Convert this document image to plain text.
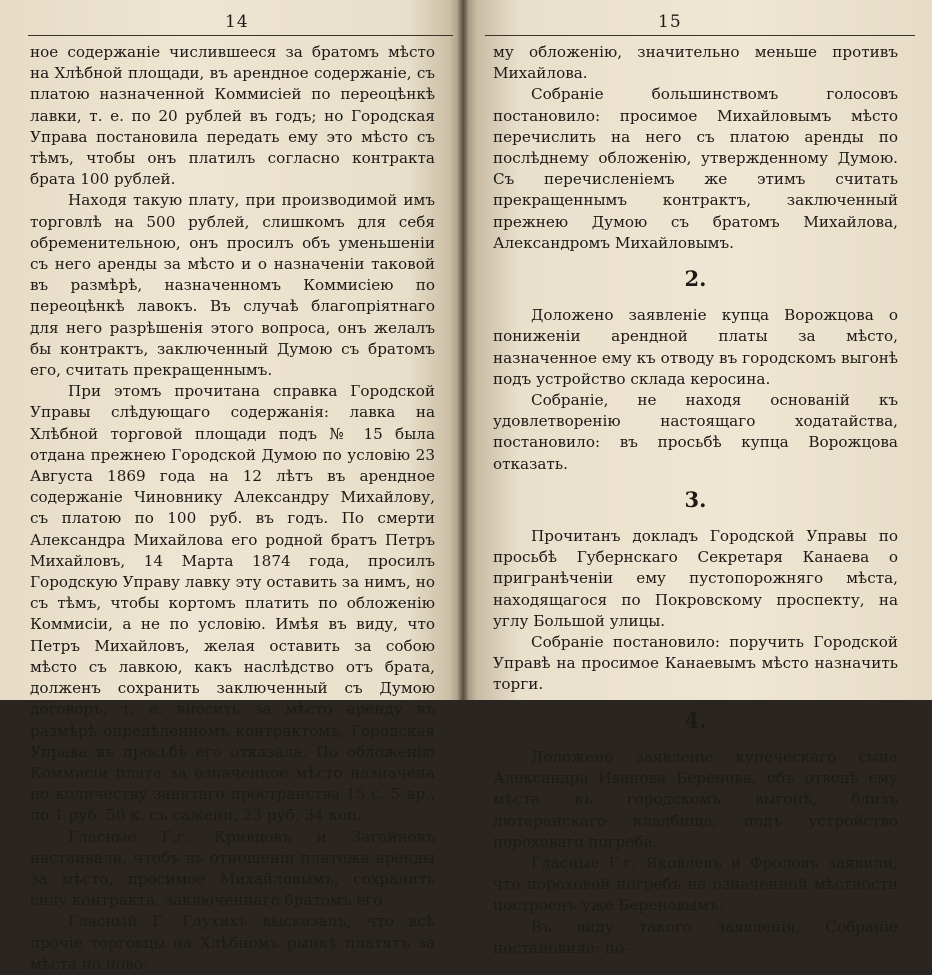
14

ное содержаніе числившееся за братомъ мѣсто на Хлѣбной площади, въ арендное содержаніе, съ платою назначенной Коммисіей по переоцѣнкѣ лавки, т. е. по 20 рублей въ годъ; но Городская Управа постановила передать ему это мѣсто съ тѣмъ, чтобы онъ платилъ согласно контракта брата 100 рублей.

Находя такую плату, при производимой имъ торговлѣ на 500 рублей, слишкомъ для себя обременительною, онъ просилъ объ уменьшеніи съ него аренды за мѣсто и о назначеніи таковой въ размѣрѣ, назначенномъ Коммисіею по переоцѣнкѣ лавокъ. Въ случаѣ благопріятнаго для него разрѣшенія этого вопроса, онъ желалъ бы контрактъ, заключенный Думою съ братомъ его, считать прекращеннымъ.

При этомъ прочитана справка Городской Управы слѣдующаго содержанія: лавка на Хлѣбной торговой площади подъ № 15 была отдана прежнею Городской Думою по условію 23 Августа 1869 года на 12 лѣтъ въ арендное содержаніе Чиновнику Александру Михайлову, съ платою по 100 руб. въ годъ. По смерти Александра Михайлова его родной братъ Петръ Михайловъ, 14 Марта 1874 года, просилъ Городскую Управу лавку эту оставить за нимъ, но съ тѣмъ, чтобы кортомъ платить по обложенію Коммисіи, а не по условію. Имѣя въ виду, что Петръ Михайловъ, желая оставить за собою мѣсто съ лавкою, какъ наслѣдство отъ брата, долженъ сохранить заключенный съ Думою договоръ, т. е. вносить за мѣсто аренду въ размѣрѣ опредѣленномъ контрактомъ, Городская Управа въ просьбѣ его отказала. По обложенію Коммисіи плата за означенное мѣсто назначена по количеству занятаго пространства 15 с. 5 ар., по 1 руб. 50 к. съ сажени, 23 руб. 34 коп.

Гласные Г.г. Кривцовъ и Загайновъ настаивали, чтобъ въ отношеніи платежа аренды за мѣсто, просимое Михайловымъ, сохранить силу контракта, заключеннаго братомъ его.

Гласный Г. Глухихъ высказалъ, что всѣ прочіе торговцы на Хлѣбномъ рынкѣ платятъ за мѣста по ново-

15

му обложенію, значительно меньше противъ Михайлова.

Собраніе большинствомъ голосовъ постановило: просимое Михайловымъ мѣсто перечислить на него съ платою аренды по послѣднему обложенію, утвержденному Думою. Съ перечисленіемъ же этимъ считать прекращеннымъ контрактъ, заключенный прежнею Думою съ братомъ Михайлова, Александромъ Михайловымъ.

2.

Доложено заявленіе купца Ворожцова о пониженіи арендной платы за мѣсто, назначенное ему къ отводу въ городскомъ выгонѣ подъ устройство склада керосина.

Собраніе, не находя основаній къ удовлетворенію настоящаго ходатайства, постановило: въ просьбѣ купца Ворожцова отказать.

3.

Прочитанъ докладъ Городской Управы по просьбѣ Губернскаго Секретаря Канаева о пригранѣченіи ему пустопорожняго мѣста, находящагося по Покровскому проспекту, на углу Большой улицы.

Собраніе постановило: поручить Городской Управѣ на просимое Канаевымъ мѣсто назначить торги.

4.

Доложено заявленіе купеческаго сына Александра Иванова Беренова, объ отводѣ ему мѣста въ городскомъ выгонѣ, близъ лютеранскаго кладбища, подъ устройство пороховаго погреба.

Гласные Г.г. Яковлевъ и Фроловъ заявили, что пороховой погребъ на означенной мѣстности построенъ уже Береновымъ.

Въ виду такого заявленія, Собраніе постановило: по-
